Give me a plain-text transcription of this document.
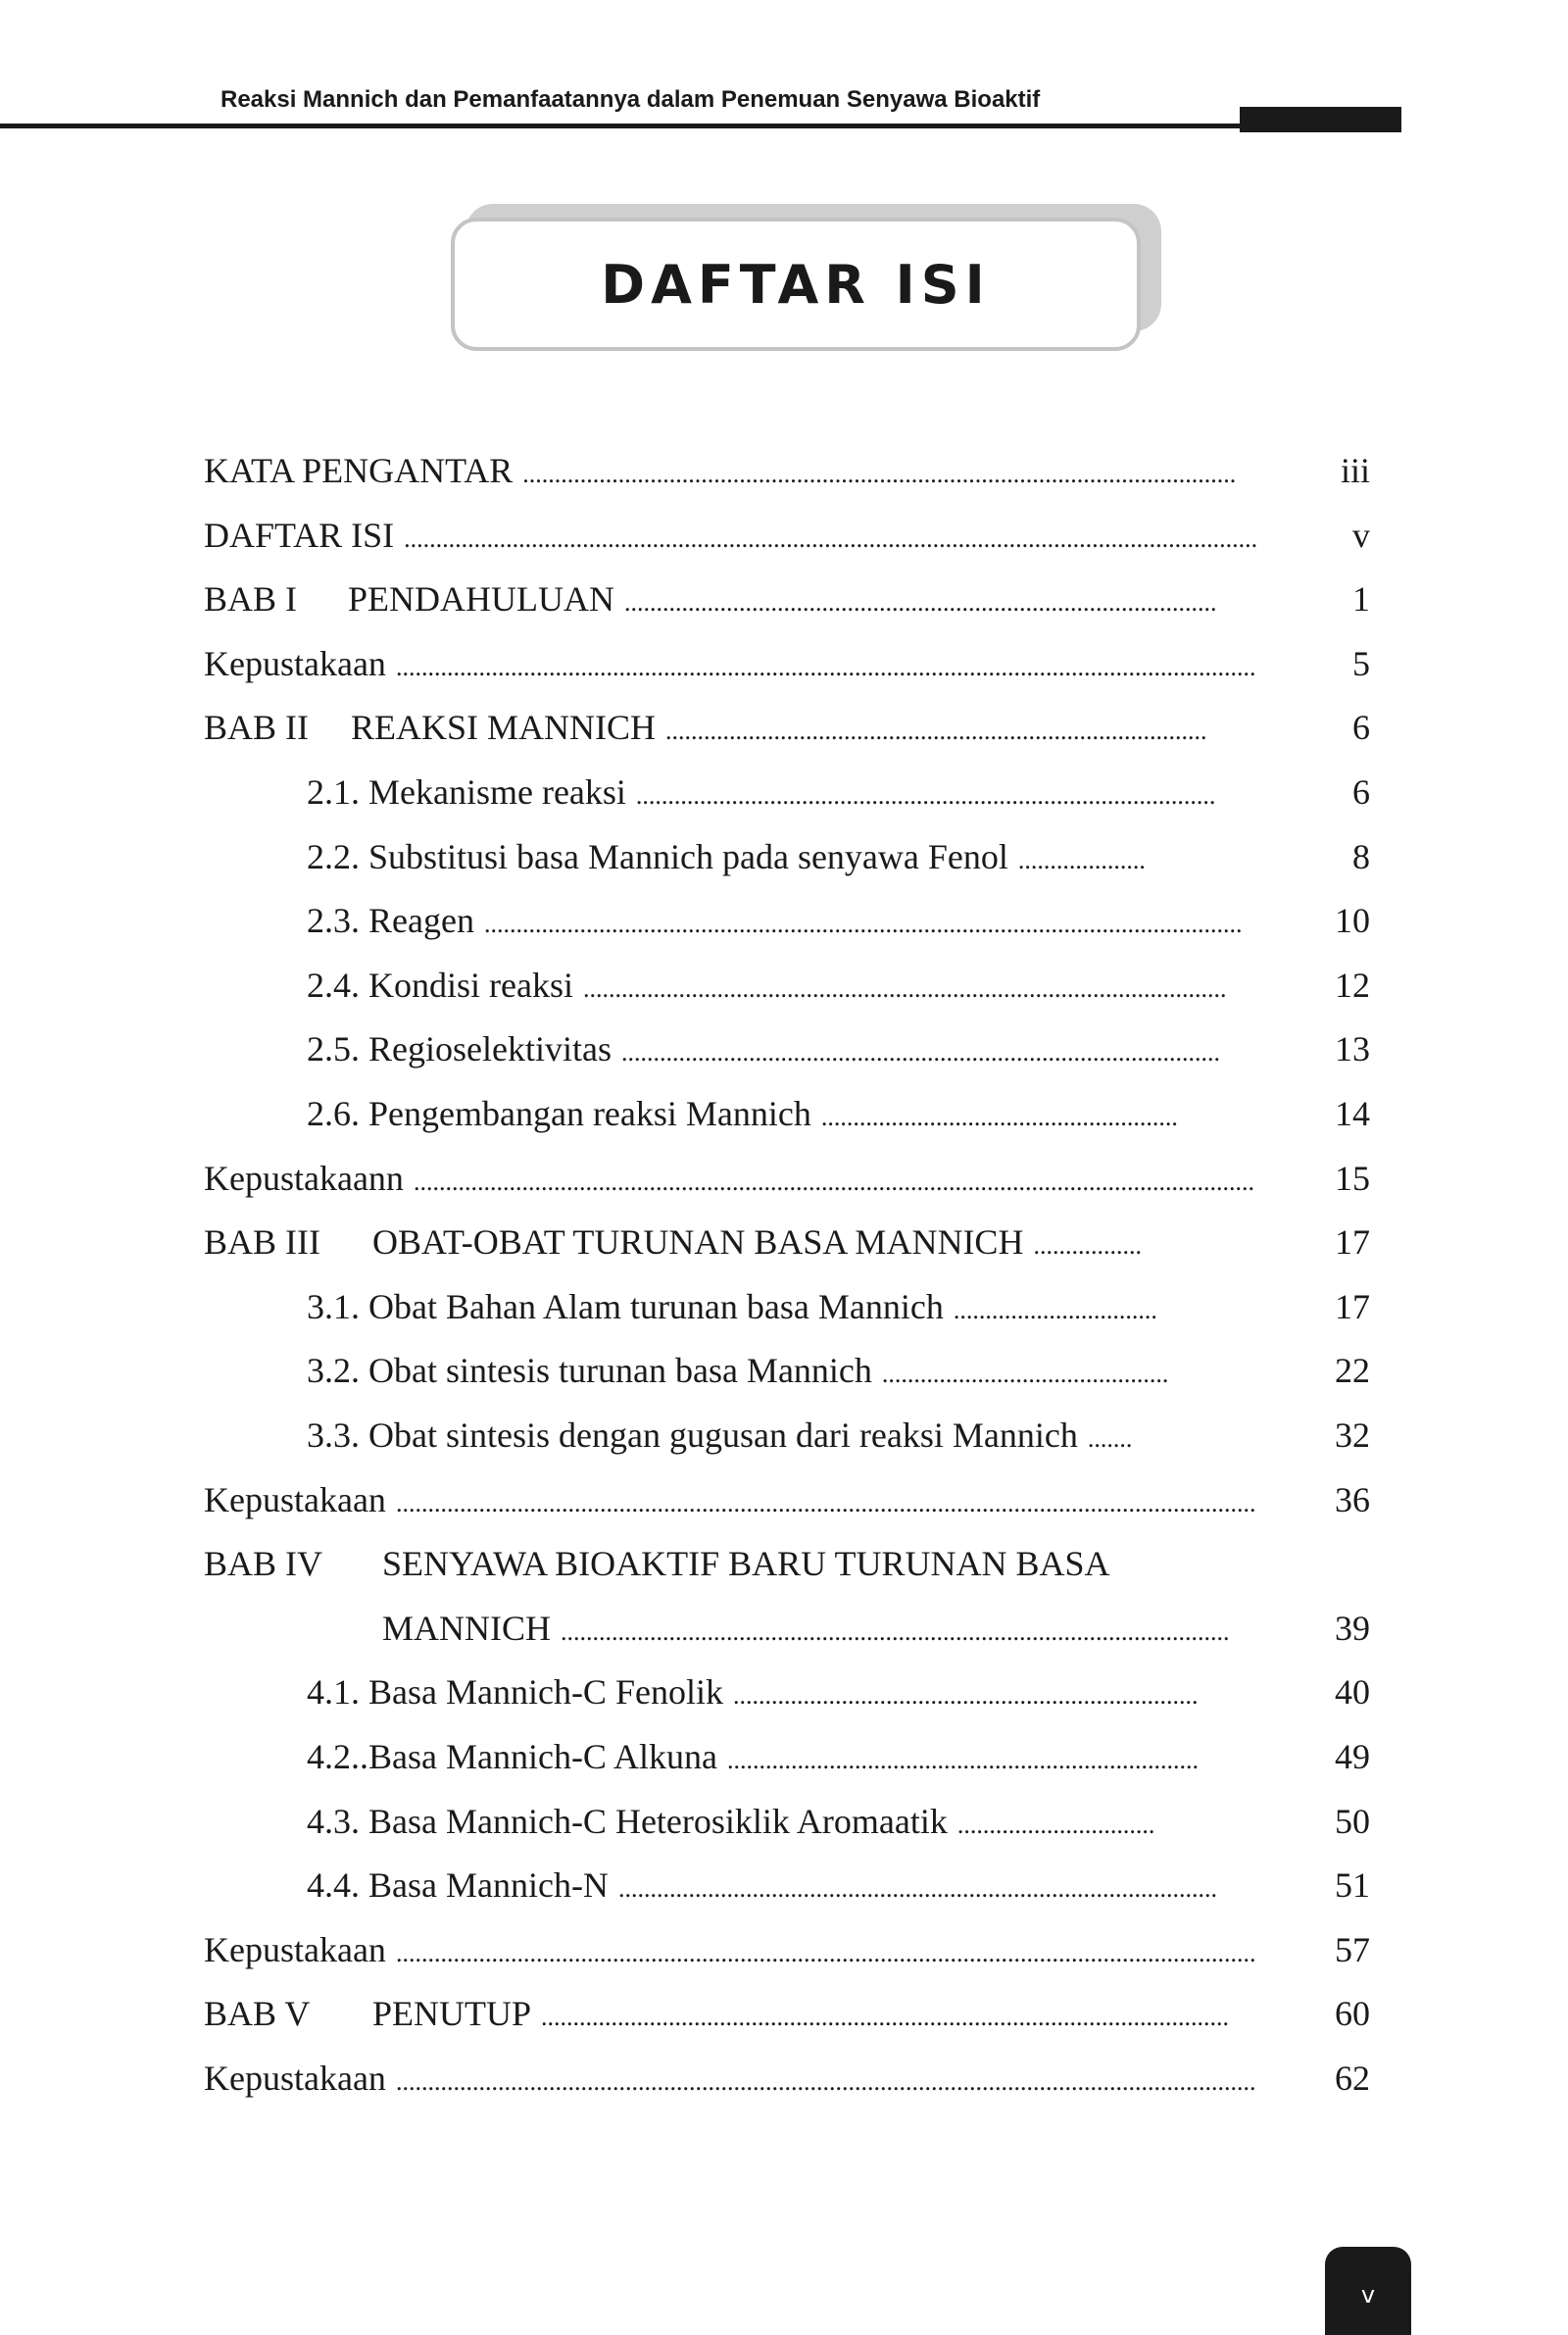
Reaksi Mannich dan Pemanfaatannya dalam Penemuan Senyawa Bioaktif
DAFTAR ISI
KATA PENGANTAR ................................................................................................................	iii
DAFTAR ISI ......................................................................................................................................	v
BAB I PENDAHULUAN .............................................................................................	1
Kepustakaan .......................................................................................................................................	5
BAB II REAKSI MANNICH .....................................................................................	6
2.1. Mekanisme reaksi ...........................................................................................	6
2.2. Substitusi basa Mannich pada senyawa Fenol ....................	8
2.3. Reagen .......................................................................................................................	10
2.4. Kondisi reaksi .....................................................................................................	12
2.5. Regioselektivitas ..............................................................................................	13
2.6. Pengembangan reaksi Mannich ........................................................	14
Kepustakaann .................................................................................................................................... 15
BAB III OBAT-OBAT TURUNAN BASA MANNICH .................	17
3.1. Obat Bahan Alam turunan basa Mannich ................................	17
3.2. Obat sintesis turunan basa Mannich .............................................	22
3.3. Obat sintesis dengan gugusan dari reaksi Mannich .......	32
Kepustakaan ....................................................................................................................................... 36
BAB IV SENYAWA BIOAKTIF BARU TURUNAN BASA
MANNICH .........................................................................................................	39
4.1. Basa Mannich-C Fenolik .........................................................................	40
4.2..Basa Mannich-C Alkuna ..........................................................................	49
4.3. Basa Mannich-C Heterosiklik Aromaatik ...............................	50
4.4. Basa Mannich-N ..............................................................................................	51
Kepustakaan ....................................................................................................................................... 57
BAB V PENUTUP ............................................................................................................	60
Kepustakaan ....................................................................................................................................... 62
v
